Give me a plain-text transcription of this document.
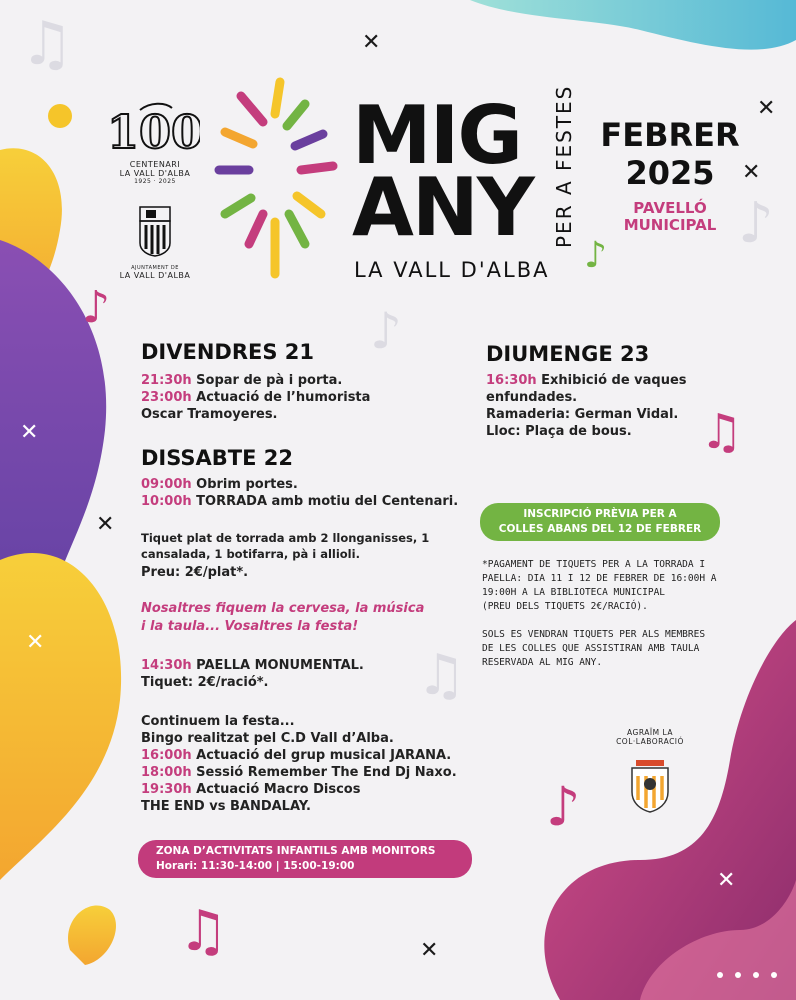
✕
✕
✕
✕
✕
✕
✕
✕
♫
♪	♪
♪ ♪
♫
♫
♪
♫
100
CENTENARI
LA VALL D'ALBA
1925 · 2025
AJUNTAMENT DE
LA VALL D'ALBA
MIG
ANY PER A FESTES
LA VALL D'ALBA
FEBRER
2025
PAVELLÓ
MUNICIPAL
DIVENDRES 21
21:30h Sopar de pà i porta.
23:00h Actuació de l’humorista
Oscar Tramoyeres.
DISSABTE 22
09:00h Obrim portes.
10:00h TORRADA amb motiu del Centenari.
Tiquet plat de torrada amb 2 llonganisses, 1
cansalada, 1 botifarra, pà i allioli.
Preu: 2€/plat*.
Nosaltres fiquem la cervesa, la música
i la taula... Vosaltres la festa!
14:30h PAELLA MONUMENTAL.
Tiquet: 2€/ració*.
Continuem la festa...
Bingo realitzat pel C.D Vall d’Alba.
16:00h Actuació del grup musical JARANA.
18:00h Sessió Remember The End Dj Naxo.
19:30h Actuació Macro Discos
THE END vs BANDALAY.
ZONA D’ACTIVITATS INFANTILS AMB MONITORS
Horari: 11:30-14:00 | 15:00-19:00
DIUMENGE 23
16:30h Exhibició de vaques
enfundades.
Ramaderia: German Vidal.
Lloc: Plaça de bous.
INSCRIPCIÓ PRÈVIA PER A
COLLES ABANS DEL 12 DE FEBRER
*PAGAMENT DE TIQUETS PER A LA TORRADA I
PAELLA: DIA 11 I 12 DE FEBRER DE 16:00H A
19:00H A LA BIBLIOTECA MUNICIPAL
(PREU DELS TIQUETS 2€/RACIÓ).
SOLS ES VENDRAN TIQUETS PER ALS MEMBRES
DE LES COLLES QUE ASSISTIRAN AMB TAULA
RESERVADA AL MIG ANY.
AGRAÏM LA
COL·LABORACIÓ
